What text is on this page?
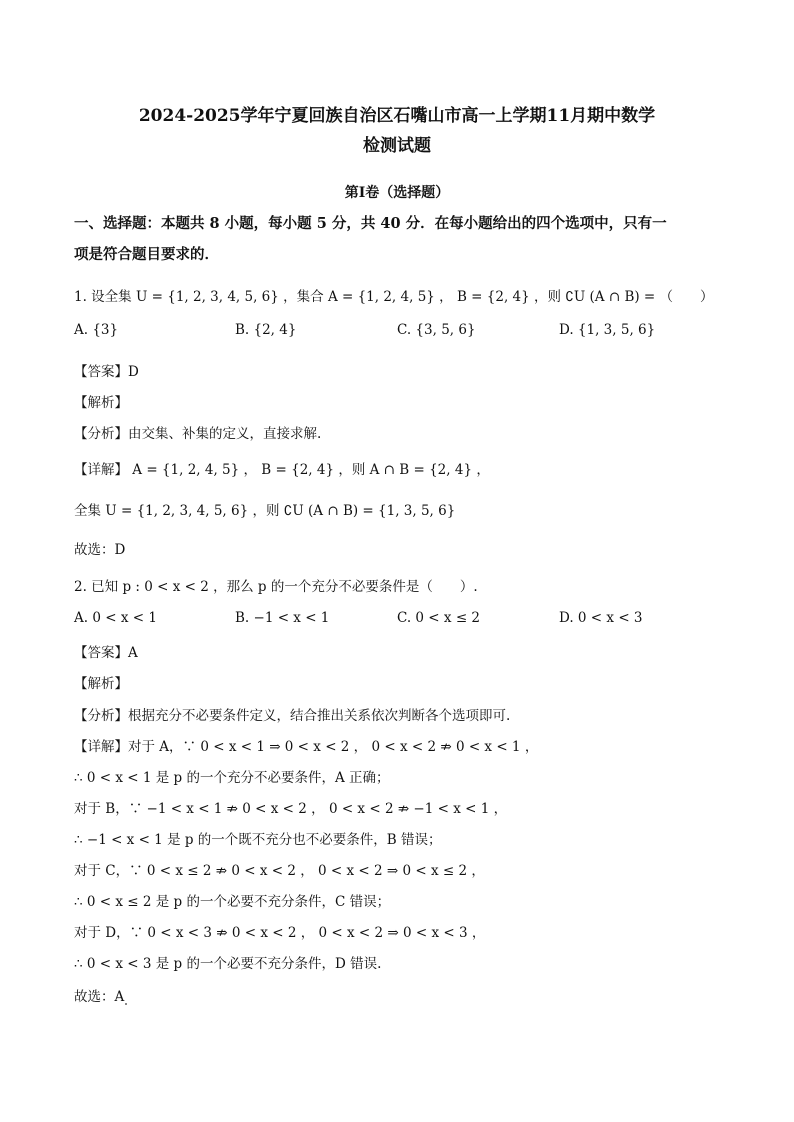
2024-2025学年宁夏回族自治区石嘴山市高一上学期11月期中数学
检测试题
第I卷（选择题）
一、选择题：本题共 8 小题，每小题 5 分，共 40 分．在每小题给出的四个选项中，只有一
项是符合题目要求的．
1. 设全集 U = {1, 2, 3, 4, 5, 6} ，集合 A = {1, 2, 4, 5} ， B = {2, 4} ，则 ∁U (A ∩ B) = （　　）
A. {3}	B. {2, 4}	C. {3, 5, 6}	D. {1, 3, 5, 6}
【答案】D
【解析】
【分析】由交集、补集的定义，直接求解.
【详解】 A = {1, 2, 4, 5} ， B = {2, 4} ，则 A ∩ B = {2, 4} ，
全集 U = {1, 2, 3, 4, 5, 6} ，则 ∁U (A ∩ B) = {1, 3, 5, 6}
故选：D
2. 已知 p : 0 < x < 2 ，那么 p 的一个充分不必要条件是（　　）.
A. 0 < x < 1	B. −1 < x < 1	C. 0 < x ≤ 2	D. 0 < x < 3
【答案】A
【解析】
【分析】根据充分不必要条件定义，结合推出关系依次判断各个选项即可.
【详解】对于 A，∵ 0 < x < 1 ⇒ 0 < x < 2 ， 0 < x < 2 ⇏ 0 < x < 1 ，
∴ 0 < x < 1 是 p 的一个充分不必要条件，A 正确；
对于 B，∵ −1 < x < 1 ⇏ 0 < x < 2 ， 0 < x < 2 ⇏ −1 < x < 1 ，
∴ −1 < x < 1 是 p 的一个既不充分也不必要条件，B 错误；
对于 C，∵ 0 < x ≤ 2 ⇏ 0 < x < 2 ， 0 < x < 2 ⇒ 0 < x ≤ 2 ，
∴ 0 < x ≤ 2 是 p 的一个必要不充分条件，C 错误；
对于 D，∵ 0 < x < 3 ⇏ 0 < x < 2 ， 0 < x < 2 ⇒ 0 < x < 3 ，
∴ 0 < x < 3 是 p 的一个必要不充分条件，D 错误.
故选：A
